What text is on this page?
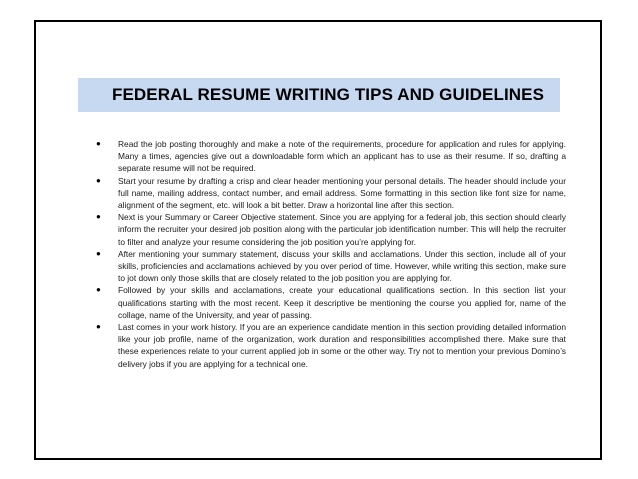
FEDERAL RESUME WRITING TIPS AND GUIDELINES
●	Read the job posting thoroughly and make a note of the requirements, procedure for application and rules for applying. Many a times, agencies give out a downloadable form which an applicant has to use as their resume. If so, drafting a separate resume will not be required.
●	Start your resume by drafting a crisp and clear header mentioning your personal details. The header should include your full name, mailing address, contact number, and email address. Some formatting in this section like font size for name, alignment of the segment, etc. will look a bit better. Draw a horizontal line after this section.
●	Next is your Summary or Career Objective statement. Since you are applying for a federal job, this section should clearly inform the recruiter your desired job position along with the particular job identification number. This will help the recruiter to filter and analyze your resume considering the job position you’re applying for.
●	After mentioning your summary statement, discuss your skills and acclamations. Under this section, include all of your skills, proficiencies and acclamations achieved by you over period of time. However, while writing this section, make sure to jot down only those skills that are closely related to the job position you are applying for.
●	Followed by your skills and acclamations, create your educational qualifications section. In this section list your qualifications starting with the most recent. Keep it descriptive be mentioning the course you applied for, name of the collage, name of the University, and year of passing.
●	Last comes in your work history. If you are an experience candidate mention in this section providing detailed information like your job profile, name of the organization, work duration and responsibilities accomplished there. Make sure that these experiences relate to your current applied job in some or the other way. Try not to mention your previous Domino’s delivery jobs if you are applying for a technical one.
